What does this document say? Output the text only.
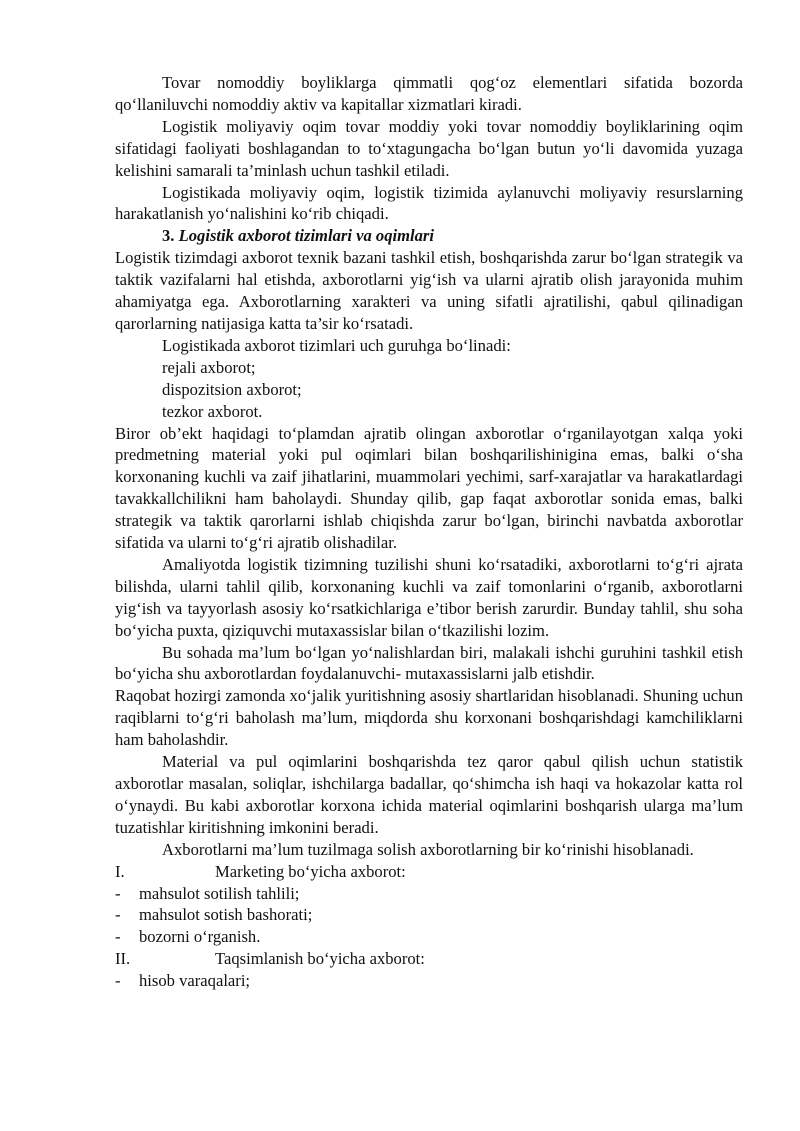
Tovar nomoddiy boyliklarga qimmatli qog‘oz elementlari sifatida bozorda qo‘llaniluvchi nomoddiy aktiv va kapitallar xizmatlari kiradi.

Logistik moliyaviy oqim tovar moddiy yoki tovar nomoddiy boyliklarining oqim sifatidagi faoliyati boshlagandan to to‘xtagungacha bo‘lgan butun yo‘li davomida yuzaga kelishini samarali ta’minlash uchun tashkil etiladi.

Logistikada moliyaviy oqim, logistik tizimida aylanuvchi moliyaviy resurslarning harakatlanish yo‘nalishini ko‘rib chiqadi.

3. Logistik axborot tizimlari va oqimlari

Logistik tizimdagi axborot texnik bazani tashkil etish, boshqarishda zarur bo‘lgan strategik va taktik vazifalarni hal etishda, axborotlarni yig‘ish va ularni ajratib olish jarayonida muhim ahamiyatga ega. Axborotlarning xarakteri va uning sifatli ajratilishi, qabul qilinadigan qarorlarning natijasiga katta ta’sir ko‘rsatadi.

Logistikada axborot tizimlari uch guruhga bo‘linadi:

rejali axborot;

dispozitsion axborot;

tezkor axborot.

Biror ob’ekt haqidagi to‘plamdan ajratib olingan axborotlar o‘rganilayotgan xalqa yoki predmetning material yoki pul oqimlari bilan boshqarilishinigina emas, balki o‘sha korxonaning kuchli va zaif jihatlarini, muammolari yechimi, sarf-xarajatlar va harakatlardagi tavakkallchilikni ham baholaydi. Shunday qilib, gap faqat axborotlar sonida emas, balki strategik va taktik qarorlarni ishlab chiqishda zarur bo‘lgan, birinchi navbatda axborotlar sifatida va ularni to‘g‘ri ajratib olishadilar.

Amaliyotda logistik tizimning tuzilishi shuni ko‘rsatadiki, axborotlarni to‘g‘ri ajrata bilishda, ularni tahlil qilib, korxonaning kuchli va zaif tomonlarini o‘rganib, axborotlarni yig‘ish va tayyorlash asosiy ko‘rsatkichlariga e’tibor berish zarurdir. Bunday tahlil, shu soha bo‘yicha puxta, qiziquvchi mutaxassislar bilan o‘tkazilishi lozim.

Bu sohada ma’lum bo‘lgan yo‘nalishlardan biri, malakali ishchi guruhini tashkil etish bo‘yicha shu axborotlardan foydalanuvchi- mutaxassislarni jalb etishdir.

Raqobat hozirgi zamonda xo‘jalik yuritishning asosiy shartlaridan hisoblanadi. Shuning uchun raqiblarni to‘g‘ri baholash ma’lum, miqdorda shu korxonani boshqarishdagi kamchiliklarni ham baholashdir.

Material va pul oqimlarini boshqarishda tez qaror qabul qilish uchun statistik axborotlar masalan, soliqlar, ishchilarga badallar, qo‘shimcha ish haqi va hokazolar katta rol o‘ynaydi. Bu kabi axborotlar korxona ichida material oqimlarini boshqarish ularga ma’lum tuzatishlar kiritishning imkonini beradi.

Axborotlarni ma’lum tuzilmaga solish axborotlarning bir ko‘rinishi hisoblanadi.

I.	Marketing bo‘yicha axborot:

- mahsulot sotilish tahlili;

- mahsulot sotish bashorati;

- bozorni o‘rganish.

II.	Taqsimlanish bo‘yicha axborot:

- hisob varaqalari;
